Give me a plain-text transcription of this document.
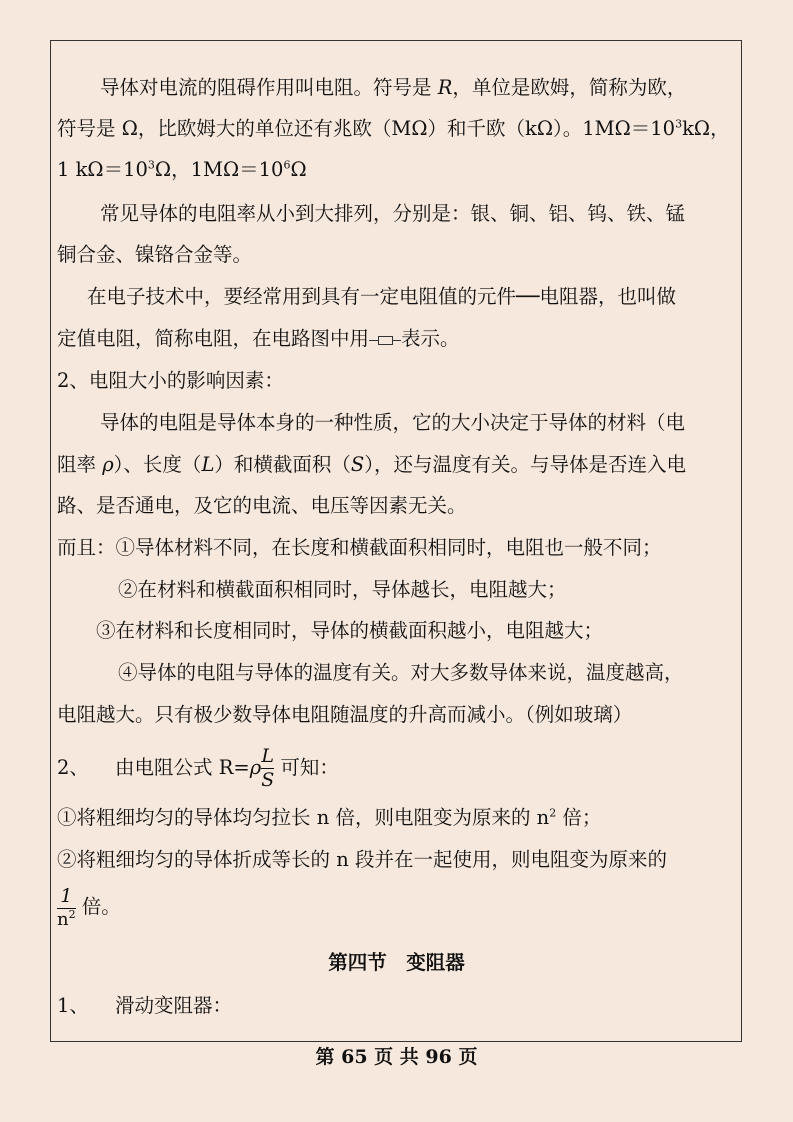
导体对电流的阻碍作用叫电阻。符号是 R，单位是欧姆，简称为欧，
符号是 Ω，比欧姆大的单位还有兆欧（MΩ）和千欧（kΩ）。$1M\Omega=10^3k\Omega$，
1 $k\Omega=10^3\Omega$，$1M\Omega=10^6\Omega$
常见导体的电阻率从小到大排列，分别是：银、铜、铝、钨、铁、锰
铜合金、镍铬合金等。
在电子技术中，要经常用到具有一定电阻值的元件──电阻器，也叫做
定值电阻，简称电阻，在电路图中用 表示。
2、电阻大小的影响因素：
导体的电阻是导体本身的一种性质，它的大小决定于导体的材料（电
阻率 ρ）、长度（L）和横截面积（S），还与温度有关。与导体是否连入电
路、是否通电，及它的电流、电压等因素无关。
而且：①导体材料不同，在长度和横截面积相同时，电阻也一般不同；
②在材料和横截面积相同时，导体越长，电阻越大；
③在材料和长度相同时，导体的横截面积越小，电阻越大；
④导体的电阻与导体的温度有关。对大多数导体来说，温度越高，
电阻越大。只有极少数导体电阻随温度的升高而减小。（例如玻璃）
2、 由电阻公式 $R=\rho \frac{L}{S}$ 可知：
①将粗细均匀的导体均匀拉长 n 倍，则电阻变为原来的 $n^2$ 倍；
②将粗细均匀的导体折成等长的 n 段并在一起使用，则电阻变为原来的
$\frac{1}{n^2}$ 倍。
第四节　变阻器
1、 滑动变阻器：
第 65 页 共 96 页
